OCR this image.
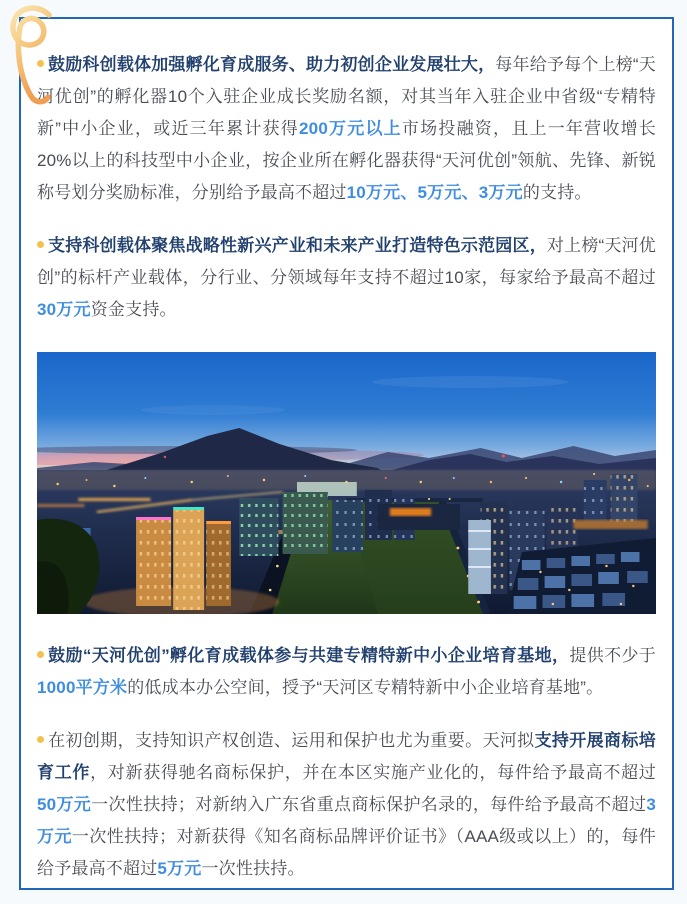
鼓励科创载体加强孵化育成服务、助力初创企业发展壮大，每年给予每个上榜“天河优创”的孵化器10个入驻企业成长奖励名额，对其当年入驻企业中省级“专精特新”中小企业，或近三年累计获得200万元以上市场投融资，且上一年营收增长20%以上的科技型中小企业，按企业所在孵化器获得“天河优创”领航、先锋、新锐称号划分奖励标准，分别给予最高不超过10万元、5万元、3万元的支持。
支持科创载体聚焦战略性新兴产业和未来产业打造特色示范园区，对上榜“天河优创”的标杆产业载体，分行业、分领域每年支持不超过10家，每家给予最高不超过30万元资金支持。
鼓励“天河优创”孵化育成载体参与共建专精特新中小企业培育基地，提供不少于1000平方米的低成本办公空间，授予“天河区专精特新中小企业培育基地”。
在初创期，支持知识产权创造、运用和保护也尤为重要。天河拟支持开展商标培育工作，对新获得驰名商标保护，并在本区实施产业化的，每件给予最高不超过50万元一次性扶持；对新纳入广东省重点商标保护名录的，每件给予最高不超过3万元一次性扶持；对新获得《知名商标品牌评价证书》（AAA级或以上）的，每件给予最高不超过5万元一次性扶持。
